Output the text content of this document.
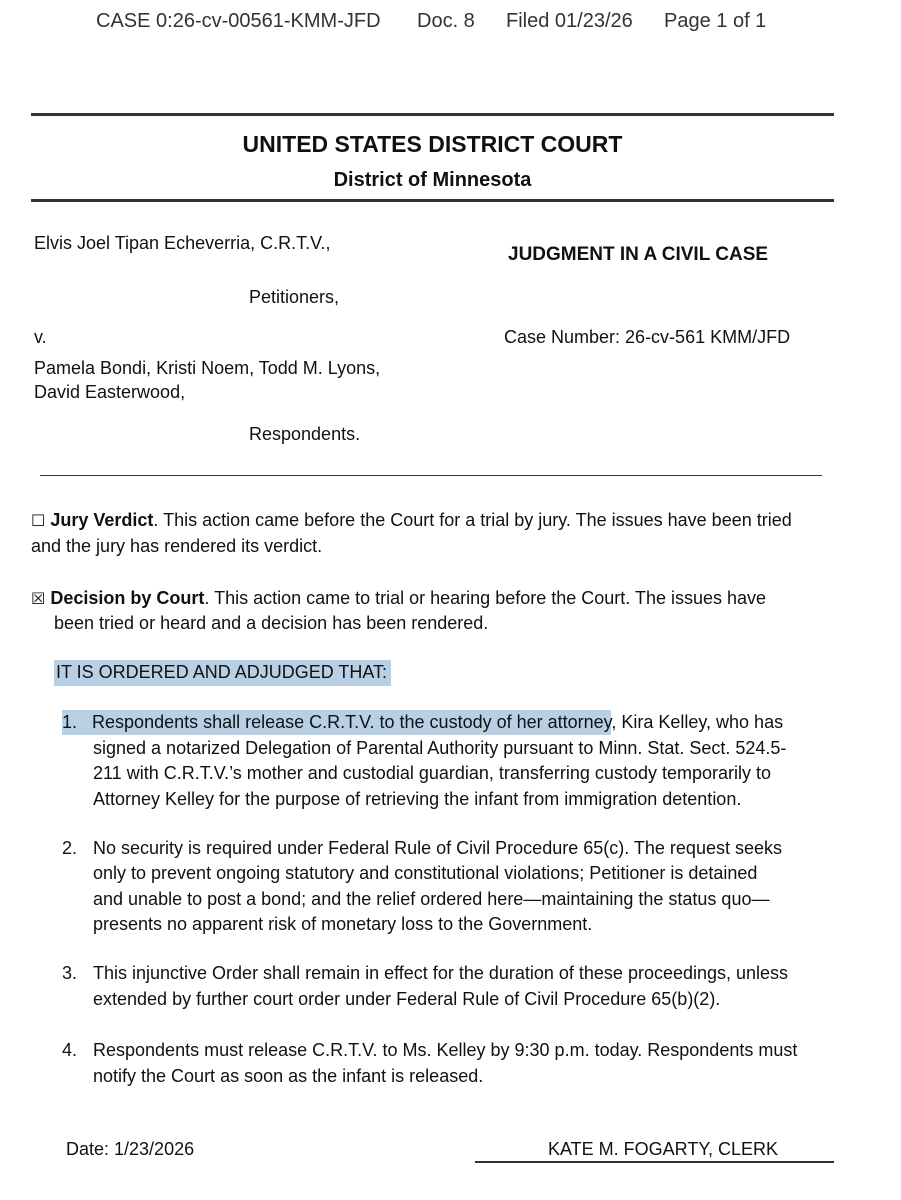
CASE 0:26-cv-00561-KMM-JFD Doc. 8 Filed 01/23/26 Page 1 of 1
UNITED STATES DISTRICT COURT
District of Minnesota
Elvis Joel Tipan Echeverria, C.R.T.V.,
JUDGMENT IN A CIVIL CASE
Petitioners,
v.	Case Number: 26-cv-561 KMM/JFD
Pamela Bondi, Kristi Noem, Todd M. Lyons,
David Easterwood,
Respondents.
☐ Jury Verdict. This action came before the Court for a trial by jury. The issues have been tried
and the jury has rendered its verdict.
☒ Decision by Court. This action came to trial or hearing before the Court. The issues have
been tried or heard and a decision has been rendered.
IT IS ORDERED AND ADJUDGED THAT:
1. Respondents shall release C.R.T.V. to the custody of her attorney, Kira Kelley, who has
signed a notarized Delegation of Parental Authority pursuant to Minn. Stat. Sect. 524.5-
211 with C.R.T.V.’s mother and custodial guardian, transferring custody temporarily to
Attorney Kelley for the purpose of retrieving the infant from immigration detention.
2. No security is required under Federal Rule of Civil Procedure 65(c). The request seeks
only to prevent ongoing statutory and constitutional violations; Petitioner is detained
and unable to post a bond; and the relief ordered here—maintaining the status quo—
presents no apparent risk of monetary loss to the Government.
3. This injunctive Order shall remain in effect for the duration of these proceedings, unless
extended by further court order under Federal Rule of Civil Procedure 65(b)(2).
4. Respondents must release C.R.T.V. to Ms. Kelley by 9:30 p.m. today. Respondents must
notify the Court as soon as the infant is released.
Date: 1/23/2026	KATE M. FOGARTY, CLERK
